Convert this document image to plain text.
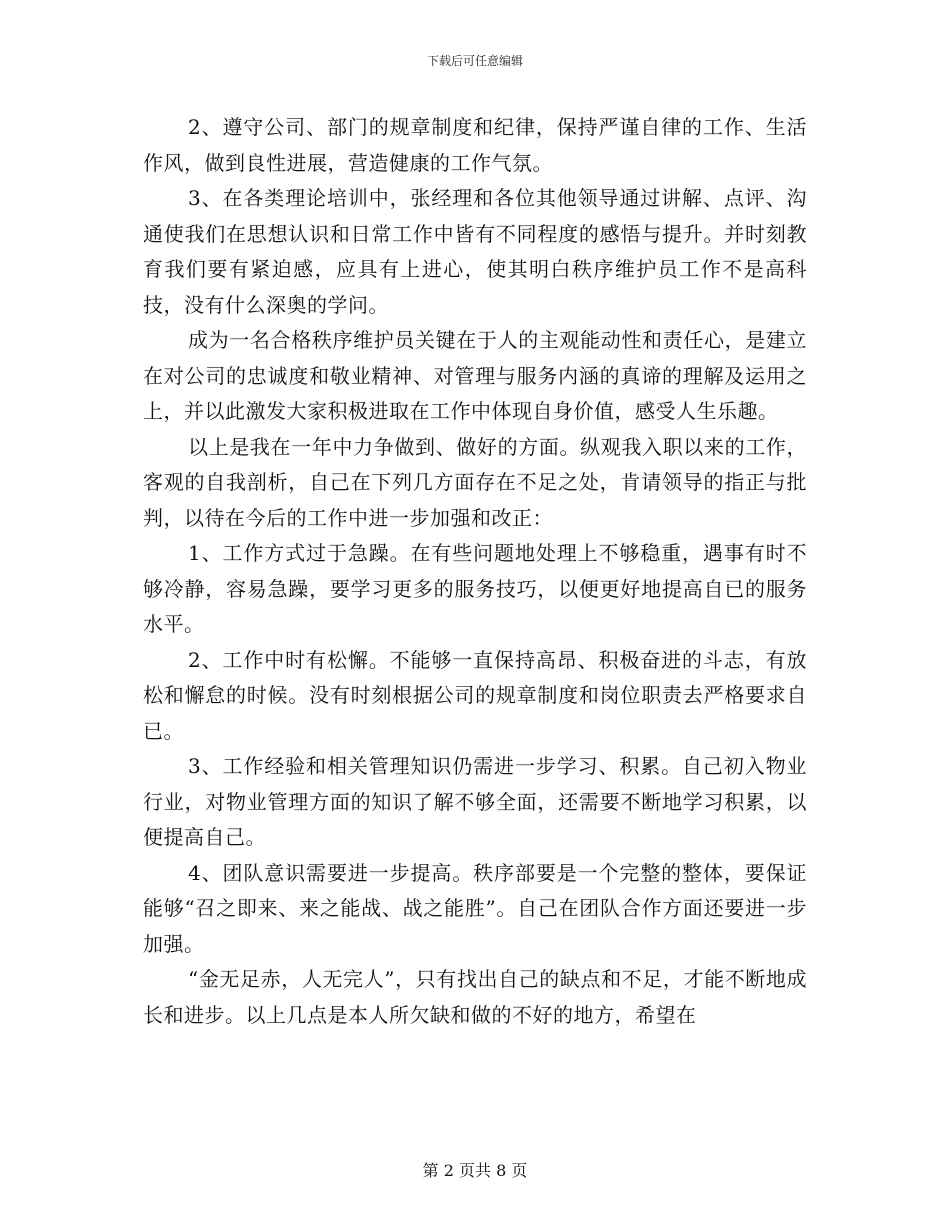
下载后可任意编辑

2、遵守公司、部门的规章制度和纪律，保持严谨自律的工作、生活作风，做到良性进展，营造健康的工作气氛。

3、在各类理论培训中，张经理和各位其他领导通过讲解、点评、沟通使我们在思想认识和日常工作中皆有不同程度的感悟与提升。并时刻教育我们要有紧迫感，应具有上进心，使其明白秩序维护员工作不是高科技，没有什么深奥的学问。

成为一名合格秩序维护员关键在于人的主观能动性和责任心，是建立在对公司的忠诚度和敬业精神、对管理与服务内涵的真谛的理解及运用之上，并以此激发大家积极进取在工作中体现自身价值，感受人生乐趣。

以上是我在一年中力争做到、做好的方面。纵观我入职以来的工作，客观的自我剖析，自己在下列几方面存在不足之处，肯请领导的指正与批判，以待在今后的工作中进一步加强和改正：

1、工作方式过于急躁。在有些问题地处理上不够稳重，遇事有时不够冷静，容易急躁，要学习更多的服务技巧，以便更好地提高自已的服务水平。

2、工作中时有松懈。不能够一直保持高昂、积极奋进的斗志，有放松和懈怠的时候。没有时刻根据公司的规章制度和岗位职责去严格要求自已。

3、工作经验和相关管理知识仍需进一步学习、积累。自己初入物业行业，对物业管理方面的知识了解不够全面，还需要不断地学习积累，以便提高自己。

4、团队意识需要进一步提高。秩序部要是一个完整的整体，要保证能够“召之即来、来之能战、战之能胜”。自己在团队合作方面还要进一步加强。

“金无足赤，人无完人”，只有找出自己的缺点和不足，才能不断地成长和进步。以上几点是本人所欠缺和做的不好的地方，希望在

第 2 页共 8 页
